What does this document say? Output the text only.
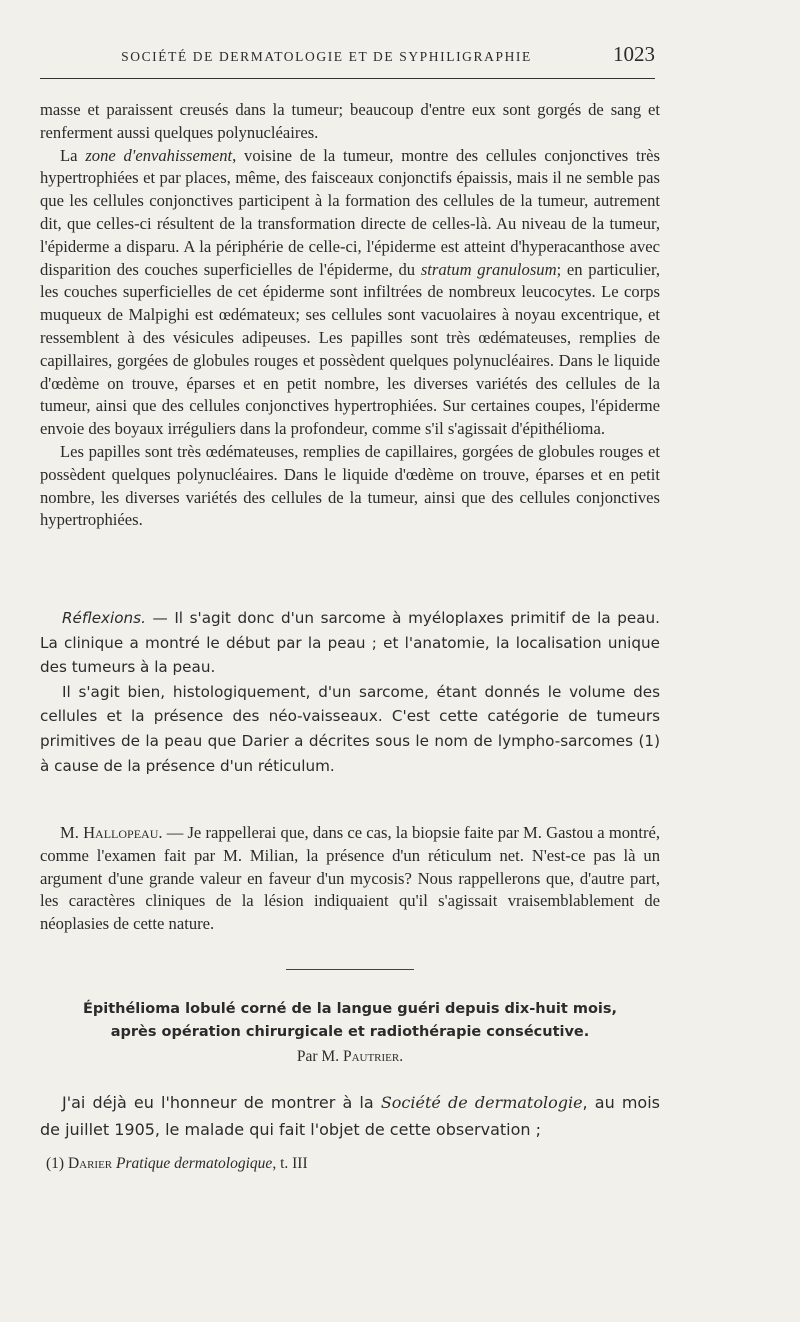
SOCIÉTÉ DE DERMATOLOGIE ET DE SYPHILIGRAPHIE	1023

masse et paraissent creusés dans la tumeur; beaucoup d'entre eux sont gorgés de sang et renferment aussi quelques polynucléaires.

La zone d'envahissement, voisine de la tumeur, montre des cellules conjonctives très hypertrophiées et par places, même, des faisceaux conjonctifs épaissis, mais il ne semble pas que les cellules conjonctives participent à la formation des cellules de la tumeur, autrement dit, que celles-ci résultent de la transformation directe de celles-là. Au niveau de la tumeur, l'épiderme a disparu. A la périphérie de celle-ci, l'épiderme est atteint d'hyperacanthose avec disparition des couches superficielles de l'épiderme, du stratum granulosum; en particulier, les couches superficielles de cet épiderme sont infiltrées de nombreux leucocytes. Le corps muqueux de Malpighi est œdémateux; ses cellules sont vacuolaires à noyau excentrique, et ressemblent à des vésicules adipeuses. Les papilles sont très œdémateuses, remplies de capillaires, gorgées de globules rouges et possèdent quelques polynucléaires. Dans le liquide d'œdème on trouve, éparses et en petit nombre, les diverses variétés des cellules de la tumeur, ainsi que des cellules conjonctives hypertrophiées. Sur certaines coupes, l'épiderme envoie des boyaux irréguliers dans la profondeur, comme s'il s'agissait d'épithélioma.

Les papilles sont très œdémateuses, remplies de capillaires, gorgées de globules rouges et possèdent quelques polynucléaires. Dans le liquide d'œdème on trouve, éparses et en petit nombre, les diverses variétés des cellules de la tumeur, ainsi que des cellules conjonctives hypertrophiées.

Réflexions. — Il s'agit donc d'un sarcome à myéloplaxes primitif de la peau. La clinique a montré le début par la peau ; et l'anatomie, la localisation unique des tumeurs à la peau.

Il s'agit bien, histologiquement, d'un sarcome, étant donnés le volume des cellules et la présence des néo-vaisseaux. C'est cette catégorie de tumeurs primitives de la peau que Darier a décrites sous le nom de lympho-sarcomes (1) à cause de la présence d'un réticulum.

M. Hallopeau. — Je rappellerai que, dans ce cas, la biopsie faite par M. Gastou a montré, comme l'examen fait par M. Milian, la présence d'un réticulum net. N'est-ce pas là un argument d'une grande valeur en faveur d'un mycosis? Nous rappellerons que, d'autre part, les caractères cliniques de la lésion indiquaient qu'il s'agissait vraisemblablement de néoplasies de cette nature.

Épithélioma lobulé corné de la langue guéri depuis dix-huit mois,
après opération chirurgicale et radiothérapie consécutive.
Par M. Pautrier.

J'ai déjà eu l'honneur de montrer à la Société de dermatologie, au mois de juillet 1905, le malade qui fait l'objet de cette observation ;

(1) Darier Pratique dermatologique, t. III
